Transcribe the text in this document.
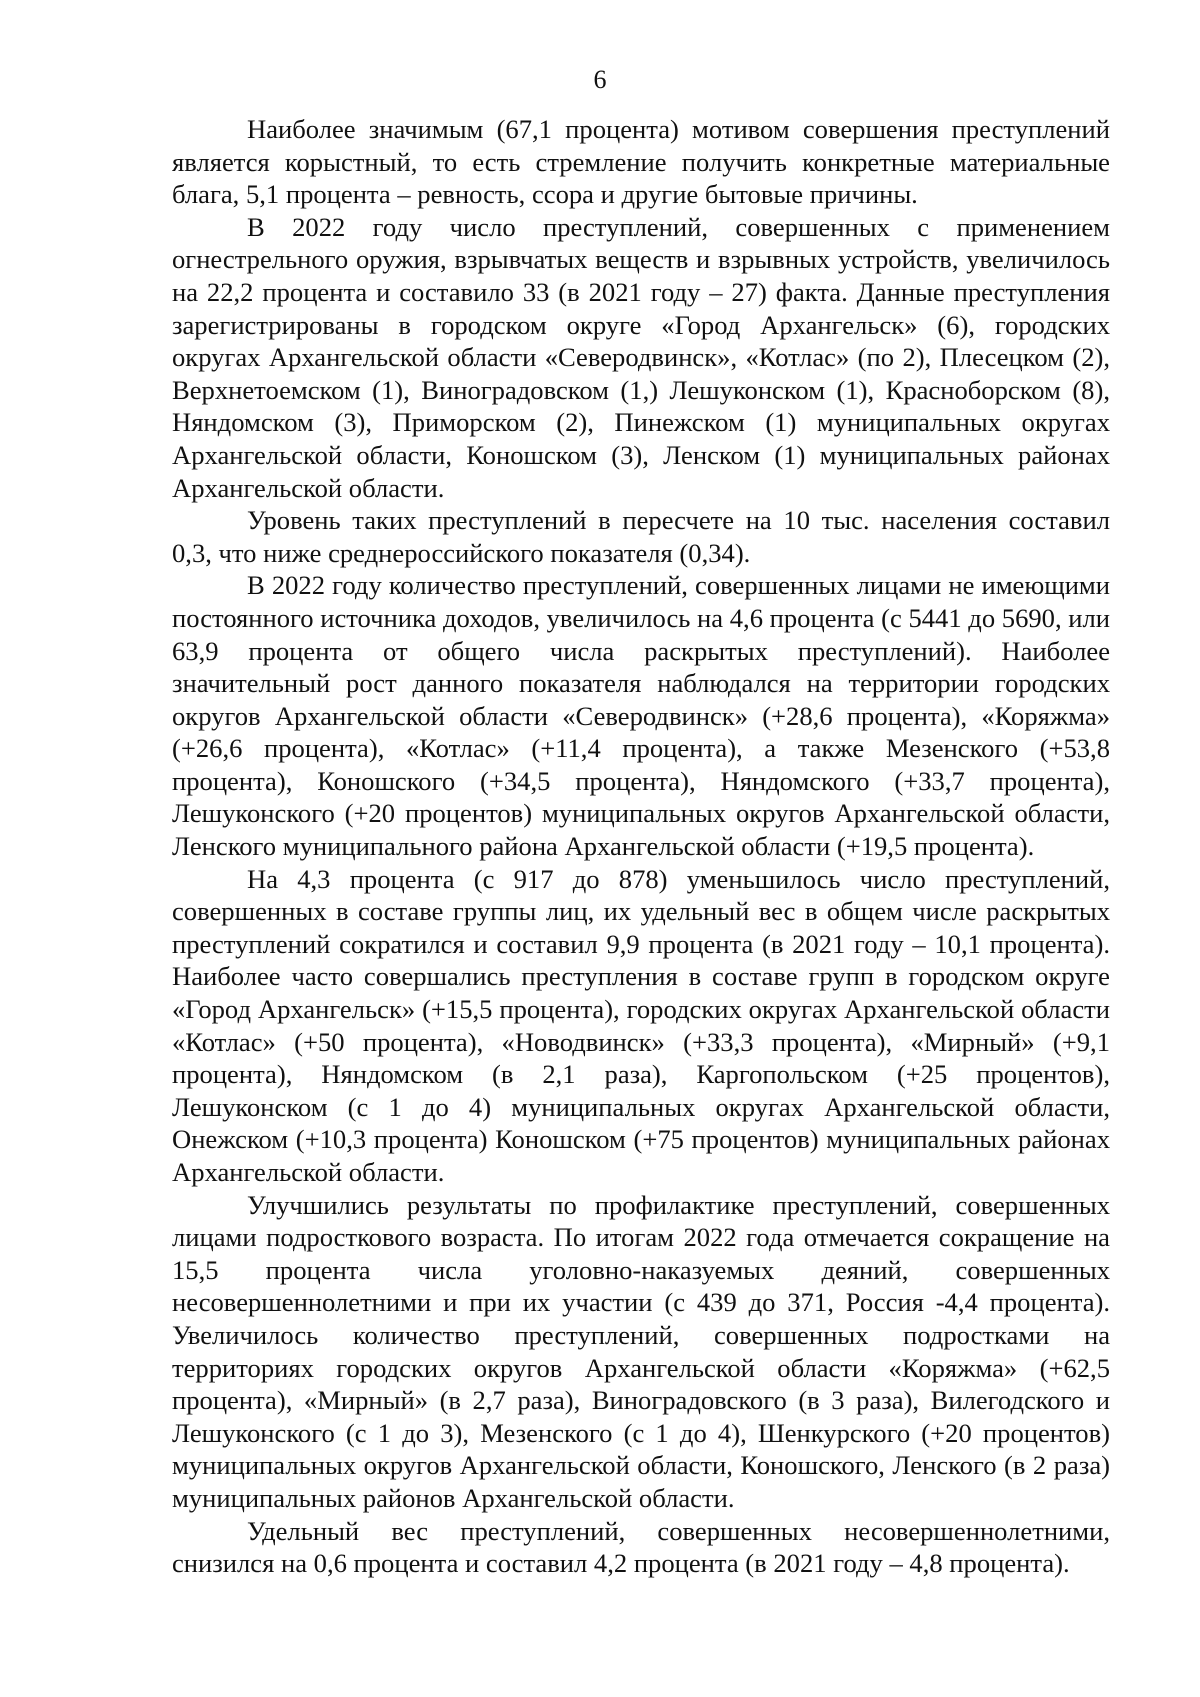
6

Наиболее значимым (67,1 процента) мотивом совершения преступлений является корыстный, то есть стремление получить конкретные материальные блага, 5,1 процента – ревность, ссора и другие бытовые причины.

В 2022 году число преступлений, совершенных с применением огнестрельного оружия, взрывчатых веществ и взрывных устройств, увеличилось на 22,2 процента и составило 33 (в 2021 году – 27) факта. Данные преступления зарегистрированы в городском округе «Город Архангельск» (6), городских округах Архангельской области «Северодвинск», «Котлас» (по 2), Плесецком (2), Верхнетоемском (1), Виноградовском (1,) Лешуконском (1), Красноборском (8), Няндомском (3), Приморском (2), Пинежском (1) муниципальных округах Архангельской области, Коношском (3), Ленском (1) муниципальных районах Архангельской области.

Уровень таких преступлений в пересчете на 10 тыс. населения составил 0,3, что ниже среднероссийского показателя (0,34).

В 2022 году количество преступлений, совершенных лицами не имеющими постоянного источника доходов, увеличилось на 4,6 процента (с 5441 до 5690, или 63,9 процента от общего числа раскрытых преступлений). Наиболее значительный рост данного показателя наблюдался на территории городских округов Архангельской области «Северодвинск» (+28,6 процента), «Коряжма» (+26,6 процента), «Котлас» (+11,4 процента), а также Мезенского (+53,8 процента), Коношского (+34,5 процента), Няндомского (+33,7 процента), Лешуконского (+20 процентов) муниципальных округов Архангельской области, Ленского муниципального района Архангельской области (+19,5 процента).

На 4,3 процента (с 917 до 878) уменьшилось число преступлений, совершенных в составе группы лиц, их удельный вес в общем числе раскрытых преступлений сократился и составил 9,9 процента (в 2021 году – 10,1 процента). Наиболее часто совершались преступления в составе групп в городском округе «Город Архангельск» (+15,5 процента), городских округах Архангельской области «Котлас» (+50 процента), «Новодвинск» (+33,3 процента), «Мирный» (+9,1 процента), Няндомском (в 2,1 раза), Каргопольском (+25 процентов), Лешуконском (с 1 до 4) муниципальных округах Архангельской области, Онежском (+10,3 процента) Коношском (+75 процентов) муниципальных районах Архангельской области.

Улучшились результаты по профилактике преступлений, совершенных лицами подросткового возраста. По итогам 2022 года отмечается сокращение на 15,5 процента числа уголовно-наказуемых деяний, совершенных несовершеннолетними и при их участии (с 439 до 371, Россия -4,4 процента). Увеличилось количество преступлений, совершенных подростками на территориях городских округов Архангельской области «Коряжма» (+62,5 процента), «Мирный» (в 2,7 раза), Виноградовского (в 3 раза), Вилегодского и Лешуконского (с 1 до 3), Мезенского (с 1 до 4), Шенкурского (+20 процентов) муниципальных округов Архангельской области, Коношского, Ленского (в 2 раза) муниципальных районов Архангельской области.

Удельный вес преступлений, совершенных несовершеннолетними, снизился на 0,6 процента и составил 4,2 процента (в 2021 году – 4,8 процента).
